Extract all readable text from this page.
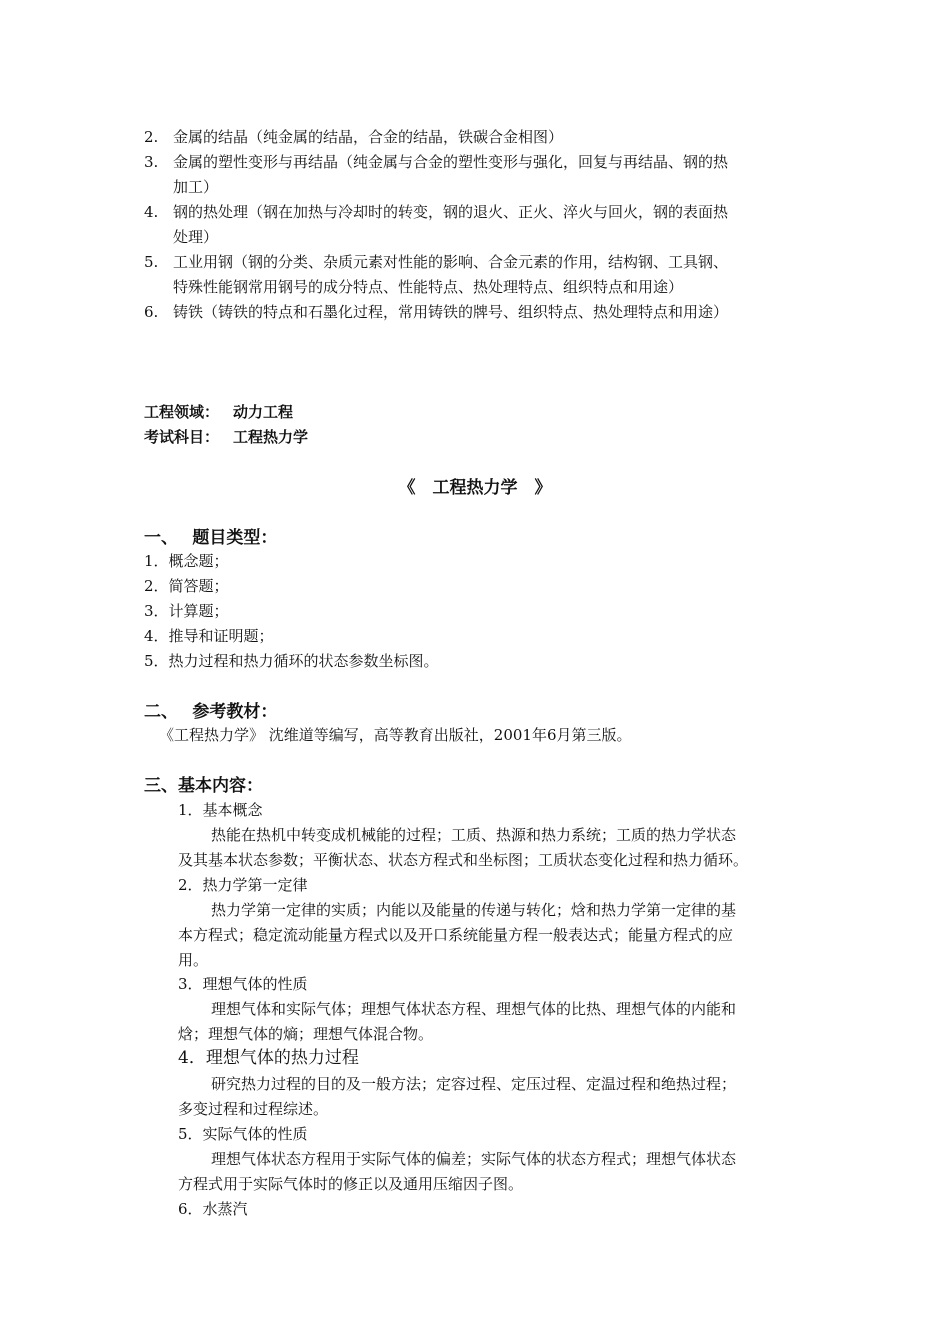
2. 金属的结晶（纯金属的结晶，合金的结晶，铁碳合金相图）
3. 金属的塑性变形与再结晶（纯金属与合金的塑性变形与强化，回复与再结晶、钢的热
加工）
4. 钢的热处理（钢在加热与冷却时的转变，钢的退火、正火、淬火与回火，钢的表面热
处理）
5. 工业用钢（钢的分类、杂质元素对性能的影响、合金元素的作用，结构钢、工具钢、
特殊性能钢常用钢号的成分特点、性能特点、热处理特点、组织特点和用途）
6. 铸铁（铸铁的特点和石墨化过程，常用铸铁的牌号、组织特点、热处理特点和用途）
工程领域： 动力工程
考试科目： 工程热力学
《　工程热力学　》
一、　 题目类型：
1．概念题；
2．简答题；
3．计算题；
4．推导和证明题；
5．热力过程和热力循环的状态参数坐标图。
二、　 参考教材：
《工程热力学》 沈维道等编写，高等教育出版社，2001年6月第三版。
三、基本内容：
1．基本概念
热能在热机中转变成机械能的过程；工质、热源和热力系统；工质的热力学状态
及其基本状态参数；平衡状态、状态方程式和坐标图；工质状态变化过程和热力循环。
2．热力学第一定律
热力学第一定律的实质；内能以及能量的传递与转化；焓和热力学第一定律的基
本方程式；稳定流动能量方程式以及开口系统能量方程一般表达式；能量方程式的应
用。
3．理想气体的性质
理想气体和实际气体；理想气体状态方程、理想气体的比热、理想气体的内能和
焓；理想气体的熵；理想气体混合物。
4．理想气体的热力过程
研究热力过程的目的及一般方法；定容过程、定压过程、定温过程和绝热过程；
多变过程和过程综述。
5．实际气体的性质
理想气体状态方程用于实际气体的偏差；实际气体的状态方程式；理想气体状态
方程式用于实际气体时的修正以及通用压缩因子图。
6．水蒸汽
